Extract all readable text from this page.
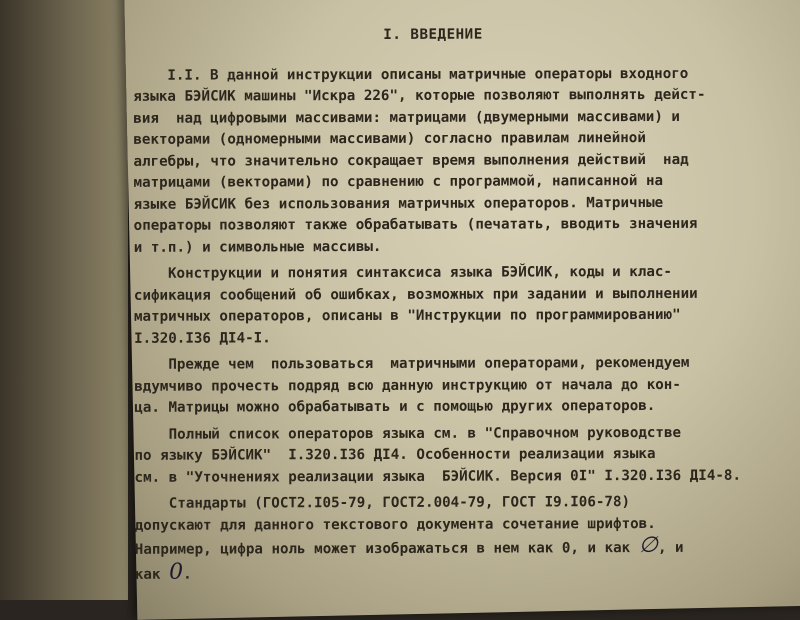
I. ВВЕДЕНИЕ

I.I. В данной инструкции описаны матричные операторы входного

языка БЭЙСИК машины "Искра 226", которые позволяют выполнять дейст-

вия  над цифровыми массивами: матрицами (двумерными массивами) и

векторами (одномерными массивами) согласно правилам линейной

алгебры, что значительно сокращает время выполнения действий  над

матрицами (векторами) по сравнению с программой, написанной на

языке БЭЙСИК без использования матричных операторов. Матричные

операторы позволяют также обрабатывать (печатать, вводить значения

и т.п.) и символьные массивы.

Конструкции и понятия синтаксиса языка БЭЙСИК, коды и клас-

сификация сообщений об ошибках, возможных при задании и выполнении

матричных операторов, описаны в "Инструкции по программированию"

I.320.I36 ДI4-I.

Прежде чем  пользоваться  матричными операторами, рекомендуем

вдумчиво прочесть подряд всю данную инструкцию от начала до кон-

ца. Матрицы можно обрабатывать и с помощью других операторов.

Полный список операторов языка см. в "Справочном руководстве

по языку БЭЙСИК"  I.320.I36 ДI4. Особенности реализации языка

см. в "Уточнениях реализации языка  БЭЙСИК. Версия 0I" I.320.I36 ДI4-8.

Стандарты (ГОСТ2.I05-79, ГОСТ2.004-79, ГОСТ I9.I06-78)

допускают для данного текстового документа сочетание шрифтов.

Например, цифра ноль может изображаться в нем как 0, и как ∅, и

как 0.
